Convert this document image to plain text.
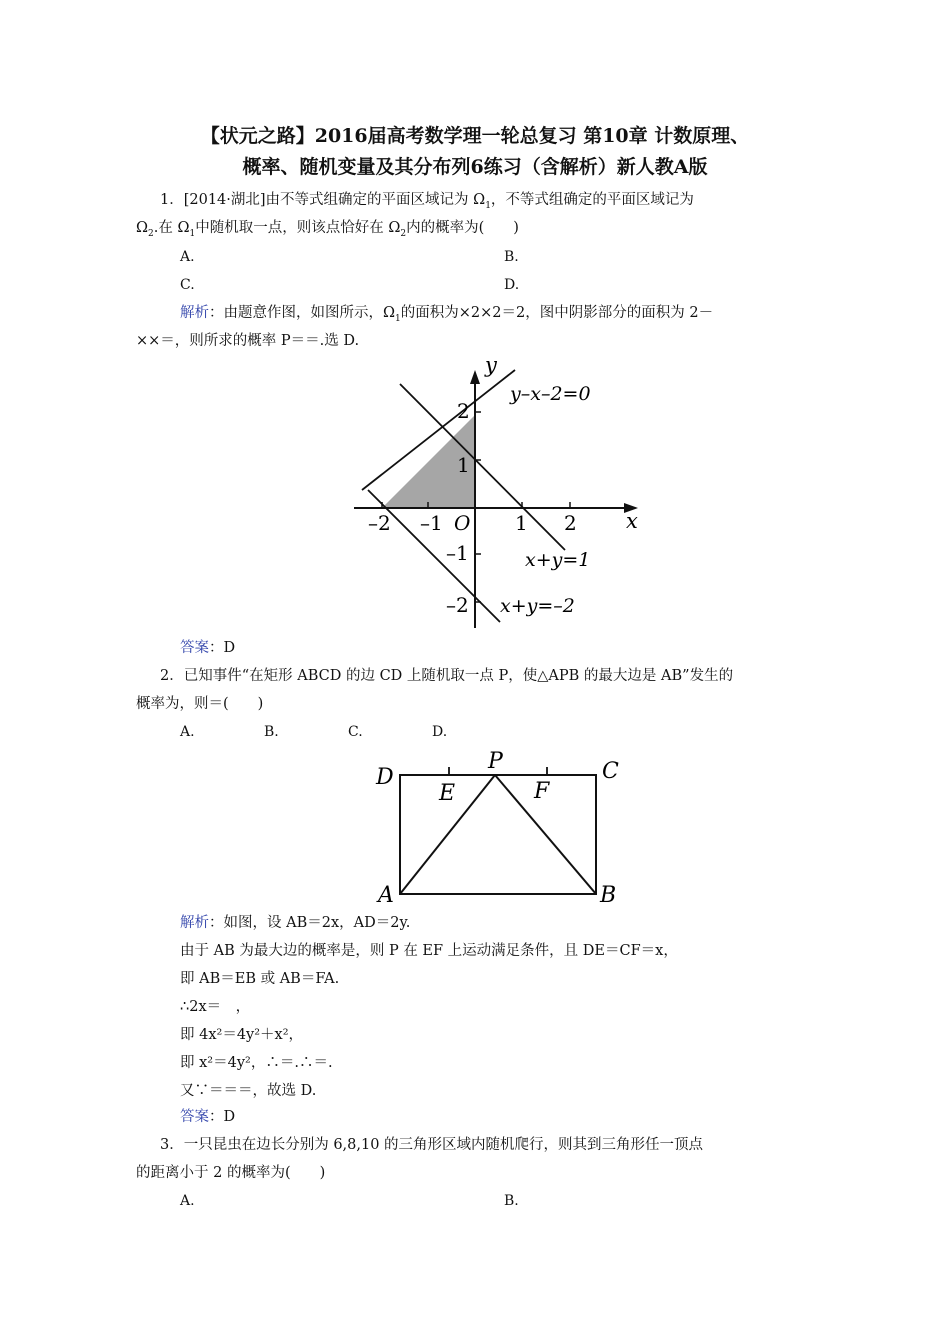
【状元之路】2016届高考数学理一轮总复习 第10章 计数原理、
概率、随机变量及其分布列6练习（含解析）新人教A版
1．[2014·湖北]由不等式组确定的平面区域记为 $\Omega_1$，不等式组确定的平面区域记为
$\Omega_2$.在 $\Omega_1$中随机取一点，则该点恰好在 $\Omega_2$内的概率为(　　)
A.	B.
C.	D.
解析：由题意作图，如图所示，$\Omega_1$的面积为×2×2＝2，图中阴影部分的面积为 2－
××＝，则所求的概率 P＝＝.选 D.
y
x
O
y–x–2=0
x+y=1
x+y=–2
2
1
–1
–2
–2 –1	1 2
答案：D
2．已知事件“在矩形 ABCD 的边 CD 上随机取一点 P，使△APB 的最大边是 AB”发生的
概率为，则＝(　　)
A.	B.	C.	D.
D	C
P
E	F
A	B
解析：如图，设 AB＝2x，AD＝2y.
由于 AB 为最大边的概率是，则 P 在 EF 上运动满足条件，且 DE＝CF＝x，
即 AB＝EB 或 AB＝FA.
∴2x＝　，
即 4x²＝4y²＋x²，
即 x²＝4y²，∴＝.∴＝.
又∵＝＝＝，故选 D.
答案：D
3．一只昆虫在边长分别为 6,8,10 的三角形区域内随机爬行，则其到三角形任一顶点
的距离小于 2 的概率为(　　)
A.	B.
